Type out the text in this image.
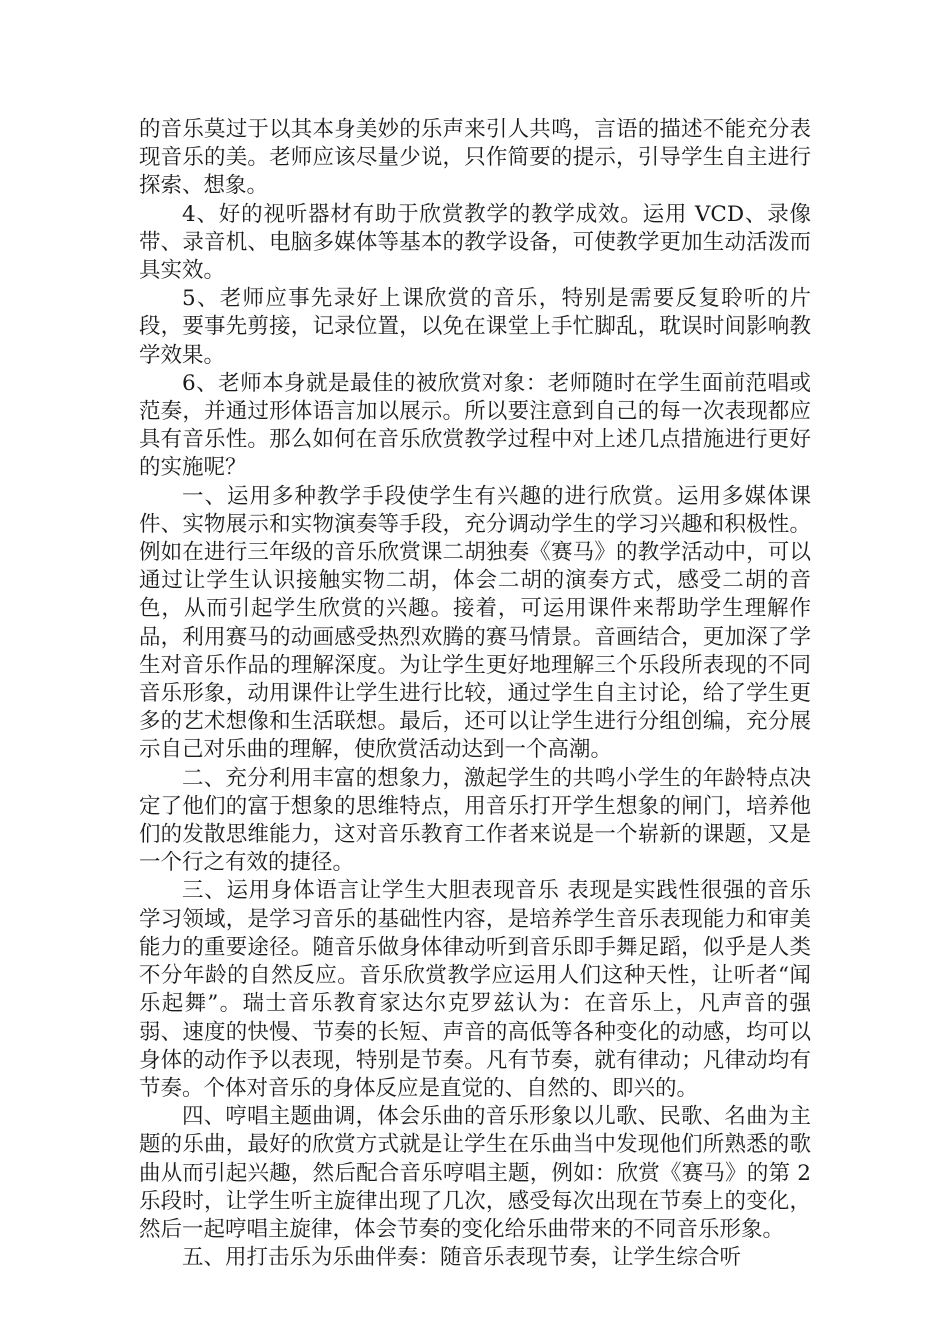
的音乐莫过于以其本身美妙的乐声来引人共鸣，言语的描述不能充分表现音乐的美。老师应该尽量少说，只作简要的提示，引导学生自主进行探索、想象。

4、好的视听器材有助于欣赏教学的教学成效。运用 VCD、录像带、录音机、电脑多媒体等基本的教学设备，可使教学更加生动活泼而具实效。

5、老师应事先录好上课欣赏的音乐，特别是需要反复聆听的片段，要事先剪接，记录位置，以免在课堂上手忙脚乱，耽误时间影响教学效果。

6、老师本身就是最佳的被欣赏对象：老师随时在学生面前范唱或范奏，并通过形体语言加以展示。所以要注意到自己的每一次表现都应具有音乐性。那么如何在音乐欣赏教学过程中对上述几点措施进行更好的实施呢？

一、运用多种教学手段使学生有兴趣的进行欣赏。运用多媒体课件、实物展示和实物演奏等手段，充分调动学生的学习兴趣和积极性。例如在进行三年级的音乐欣赏课二胡独奏《赛马》的教学活动中，可以通过让学生认识接触实物二胡，体会二胡的演奏方式，感受二胡的音色，从而引起学生欣赏的兴趣。接着，可运用课件来帮助学生理解作品，利用赛马的动画感受热烈欢腾的赛马情景。音画结合，更加深了学生对音乐作品的理解深度。为让学生更好地理解三个乐段所表现的不同音乐形象，动用课件让学生进行比较，通过学生自主讨论，给了学生更多的艺术想像和生活联想。最后，还可以让学生进行分组创编，充分展示自己对乐曲的理解，使欣赏活动达到一个高潮。

二、充分利用丰富的想象力，激起学生的共鸣小学生的年龄特点决定了他们的富于想象的思维特点，用音乐打开学生想象的闸门，培养他们的发散思维能力，这对音乐教育工作者来说是一个崭新的课题，又是一个行之有效的捷径。

三、运用身体语言让学生大胆表现音乐 表现是实践性很强的音乐学习领域，是学习音乐的基础性内容，是培养学生音乐表现能力和审美能力的重要途径。随音乐做身体律动听到音乐即手舞足蹈，似乎是人类不分年龄的自然反应。音乐欣赏教学应运用人们这种天性，让听者“闻乐起舞”。瑞士音乐教育家达尔克罗兹认为：在音乐上，凡声音的强弱、速度的快慢、节奏的长短、声音的高低等各种变化的动感，均可以身体的动作予以表现，特别是节奏。凡有节奏，就有律动；凡律动均有节奏。个体对音乐的身体反应是直觉的、自然的、即兴的。

四、哼唱主题曲调，体会乐曲的音乐形象以儿歌、民歌、名曲为主题的乐曲，最好的欣赏方式就是让学生在乐曲当中发现他们所熟悉的歌曲从而引起兴趣，然后配合音乐哼唱主题，例如：欣赏《赛马》的第 2 乐段时，让学生听主旋律出现了几次，感受每次出现在节奏上的变化，然后一起哼唱主旋律，体会节奏的变化给乐曲带来的不同音乐形象。

五、用打击乐为乐曲伴奏：随音乐表现节奏，让学生综合听
